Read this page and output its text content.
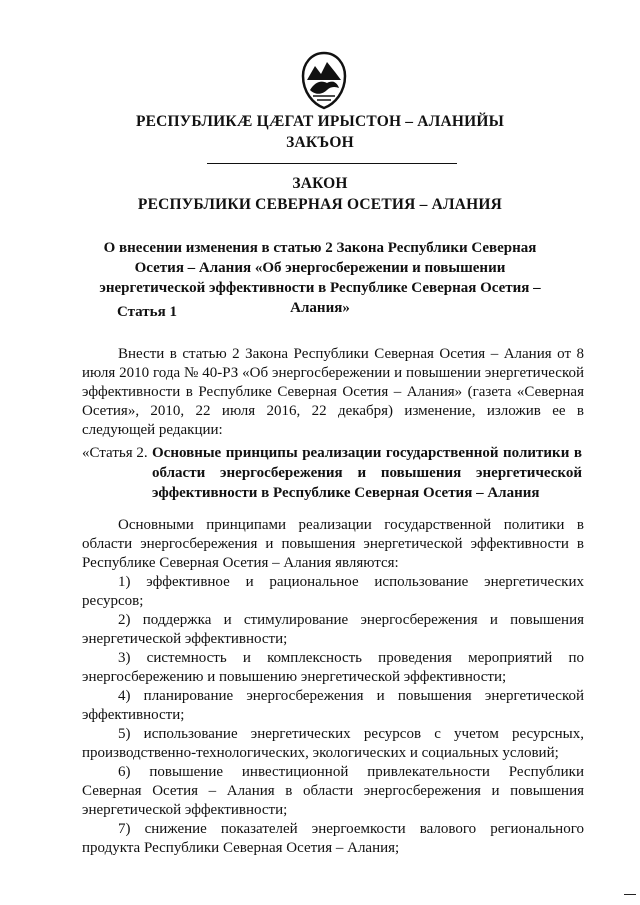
РЕСПУБЛИКӔ ЦӔГАТ ИРЫСТОН – АЛАНИЙЫ
ЗАКЪОН
ЗАКОН
РЕСПУБЛИКИ СЕВЕРНАЯ ОСЕТИЯ – АЛАНИЯ
О внесении изменения в статью 2 Закона Республики Северная Осетия – Алания «Об энергосбережении и повышении энергетической эффективности в Республике Северная Осетия – Алания»
Статья 1

Внести в статью 2 Закона Республики Северная Осетия – Алания от 8 июля 2010 года № 40-РЗ «Об энергосбережении и повышении энергетической эффективности в Республике Северная Осетия – Алания» (газета «Северная Осетия», 2010, 22 июля 2016, 22 декабря) изменение, изложив ее в следующей редакции:

«Статья 2. Основные принципы реализации государственной политики в области энергосбережения и повышения энергетической эффективности в Республике Северная Осетия – Алания

Основными принципами реализации государственной политики в области энергосбережения и повышения энергетической эффективности в Республике Северная Осетия – Алания являются:

1) эффективное и рациональное использование энергетических ресурсов;

2) поддержка и стимулирование энергосбережения и повышения энергетической эффективности;

3) системность и комплексность проведения мероприятий по энергосбережению и повышению энергетической эффективности;

4) планирование энергосбережения и повышения энергетической эффективности;

5) использование энергетических ресурсов с учетом ресурсных, производственно-технологических, экологических и социальных условий;

6) повышение инвестиционной привлекательности Республики Северная Осетия – Алания в области энергосбережения и повышения энергетической эффективности;

7) снижение показателей энергоемкости валового регионального продукта Республики Северная Осетия – Алания;
